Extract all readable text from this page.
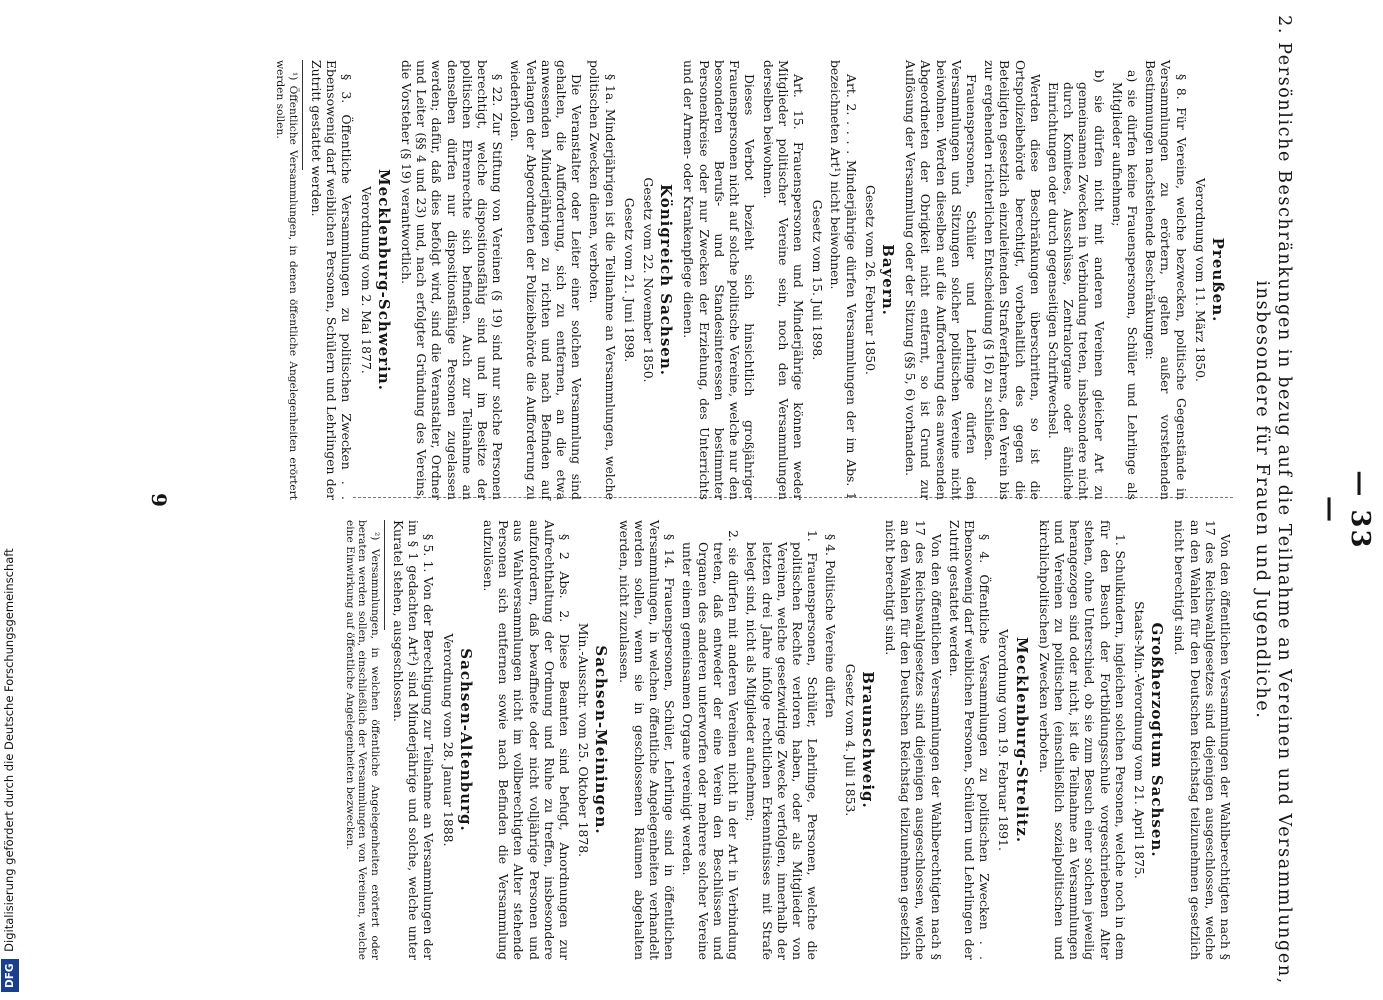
— 33 —
2. Persönliche Beschränkungen in bezug auf die Teilnahme an Vereinen und Versammlungen,
insbesondere für Frauen und Jugendliche.
Preußen.
Verordnung vom 11. März 1850.

§ 8. Für Vereine, welche bezwecken, politische Gegenstände in Versammlungen zu erörtern, gelten außer vorstehenden Bestimmungen nachstehende Beschränkungen:

a) sie dürfen keine Frauenspersonen, Schüler und Lehrlinge als Mitglieder aufnehmen;

b) sie dürfen nicht mit anderen Vereinen gleicher Art zu gemeinsamen Zwecken in Verbindung treten, insbesondere nicht durch Komitees, Ausschüsse, Zentralorgane oder ähnliche Einrichtungen oder durch gegenseitigen Schriftwechsel.

Werden diese Beschränkungen überschritten, so ist die Ortspolizeibehörde berechtigt, vorbehaltlich des gegen die Beteiligten gesetzlich einzuleitenden Strafverfahrens, den Verein bis zur ergehenden richterlichen Entscheidung (§ 16) zu schließen.

Frauenspersonen, Schüler und Lehrlinge dürfen den Versammlungen und Sitzungen solcher politischen Vereine nicht beiwohnen. Werden dieselben auf die Aufforderung des anwesenden Abgeordneten der Obrigkeit nicht entfernt, so ist Grund zur Auflösung der Versammlung oder der Sitzung (§§ 5, 6) vorhanden.

Bayern.
Gesetz vom 26. Februar 1850.

Art. 2. . . . . Minderjährige dürfen Versammlungen der im Abs. 1 bezeichneten Art¹) nicht beiwohnen.

Gesetz vom 15. Juli 1898.

Art. 15. Frauenspersonen und Minderjährige können weder Mitglieder politischer Vereine sein, noch den Versammlungen derselben beiwohnen.

Dieses Verbot bezieht sich hinsichtlich großjähriger Frauenspersonen nicht auf solche politische Vereine, welche nur den besonderen Berufs- und Standesinteressen bestimmter Personenkreise oder nur Zwecken der Erziehung, des Unterrichts und der Armen- oder Krankenpflege dienen.

Königreich Sachsen.
Gesetz vom 22. November 1850.
Gesetz vom 21. Juni 1898.

§ 1a. Minderjährigen ist die Teilnahme an Versammlungen, welche politischen Zwecken dienen, verboten.

Die Veranstalter oder Leiter einer solchen Versammlung sind gehalten, die Aufforderung, sich zu entfernen, an die etwa anwesenden Minderjährigen zu richten und nach Befinden auf Verlangen der Abgeordneten der Polizeibehörde die Aufforderung zu wiederholen.

§ 22. Zur Stiftung von Vereinen (§ 19) sind nur solche Personen berechtigt, welche dispositionsfähig sind und im Besitze der politischen Ehrenrechte sich befinden. Auch zur Teilnahme an denselben dürfen nur dispositionsfähige Personen zugelassen werden; dafür, daß dies befolgt wird, sind die Veranstalter, Ordner und Leiter (§§ 4 und 23) und, nach erfolgter Gründung des Vereins, die Vorsteher (§ 19) verantwortlich.

Mecklenburg-Schwerin.
Verordnung vom 2. Mai 1877.

§ 3. Öffentliche Versammlungen zu politischen Zwecken . . Ebensowenig darf weiblichen Personen, Schülern und Lehrlingen der Zutritt gestattet werden.

¹) Öffentliche Versammlungen, in denen öffentliche Angelegenheiten erörtert werden sollen.

Von den öffentlichen Versammlungen der Wahlberechtigten nach § 17 des Reichswahlgesetzes sind diejenigen ausgeschlossen, welche an den Wahlen für den Deutschen Reichstag teilzunehmen gesetzlich nicht berechtigt sind.

Großherzogtum Sachsen.
Staats-Min.-Verordnung vom 21. April 1875.

1. Schulkindern, ingleichen solchen Personen, welche noch in dem für den Besuch der Fortbildungsschule vorgeschriebenen Alter stehen, ohne Unterschied, ob sie zum Besuch einer solchen jeweilig herangezogen sind oder nicht, ist die Teilnahme an Versammlungen und Vereinen zu politischen (einschließlich sozialpolitischen und kirchlichpolitischen) Zwecken verboten.

Mecklenburg-Strelitz.
Verordnung vom 19. Februar 1891.

§ 4. Öffentliche Versammlungen zu politischen Zwecken . . Ebensowenig darf weiblichen Personen, Schülern und Lehrlingen der Zutritt gestattet werden.

Von den öffentlichen Versammlungen der Wahlberechtigten nach § 17 des Reichswahlgesetzes sind diejenigen ausgeschlossen, welche an den Wahlen für den Deutschen Reichstag teilzunehmen gesetzlich nicht berechtigt sind.

Braunschweig.
Gesetz vom 4. Juli 1853.

§ 4. Politische Vereine dürfen

1. Frauenspersonen, Schüler, Lehrlinge, Personen, welche die politischen Rechte verloren haben, oder als Mitglieder von Vereinen, welche gesetzwidrige Zwecke verfolgen, innerhalb der letzten drei Jahre infolge rechtlichen Erkenntnisses mit Strafe belegt sind, nicht als Mitglieder aufnehmen;

2. sie dürfen mit anderen Vereinen nicht in der Art in Verbindung treten, daß entweder der eine Verein den Beschlüssen und Organen des anderen unterworfen oder mehrere solcher Vereine unter einem gemeinsamen Organe vereinigt werden.

§ 14. Frauenspersonen, Schüler, Lehrlinge sind in öffentlichen Versammlungen, in welchen öffentliche Angelegenheiten verhandelt werden sollen, wenn sie in geschlossenen Räumen abgehalten werden, nicht zuzulassen.

Sachsen-Meiningen.
Min.-Ausschr. vom 25. Oktober 1878.

§ 2 Abs. 2. Diese Beamten sind befugt, Anordnungen zur Aufrechthaltung der Ordnung und Ruhe zu treffen, insbesondere aufzufordern, daß bewaffnete oder nicht volljährige Personen und aus Wahlversammlungen nicht im vollberechtigten Alter stehende Personen sich entfernen sowie nach Befinden die Versammlung aufzulösen.

Sachsen-Altenburg.
Verordnung vom 28. Januar 1888.

§ 5. 1. Von der Berechtigung zur Teilnahme an Versammlungen der im § 1 gedachten Art²) sind Minderjährige und solche, welche unter Kuratel stehen, ausgeschlossen.

²) Versammlungen, in welchen öffentliche Angelegenheiten erörtert oder beraten werden sollen, einschließlich der Versammlungen von Vereinen, welche eine Einwirkung auf öffentliche Angelegenheiten bezwecken.

9
DFG Digitalisierung gefördert durch die Deutsche Forschungsgemeinschaft
